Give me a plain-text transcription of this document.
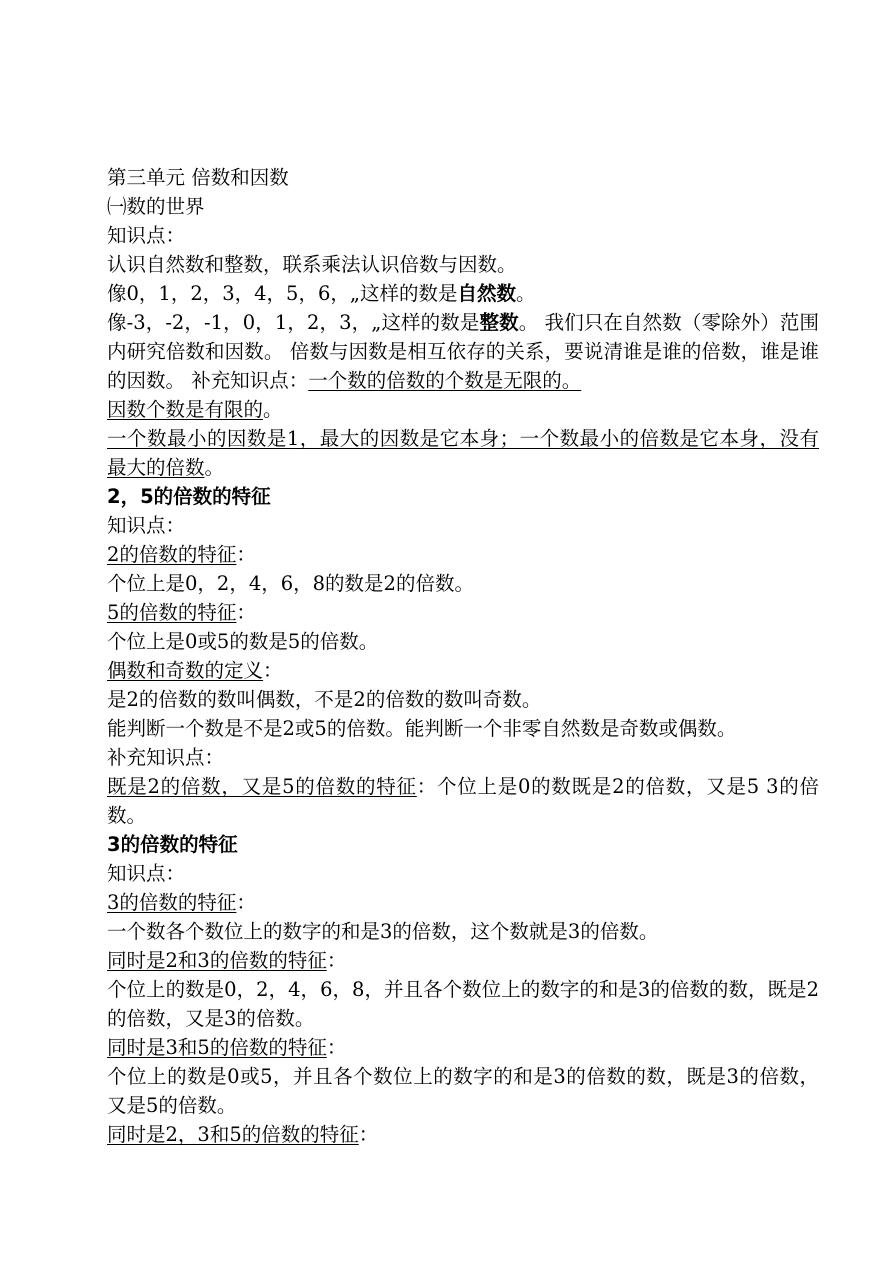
第三单元 倍数和因数
㈠数的世界
知识点：
认识自然数和整数，联系乘法认识倍数与因数。
像0，1，2，3，4，5，6，„这样的数是自然数。
像-3，-2，-1，0，1，2，3，„这样的数是整数。 我们只在自然数（零除外）范围内研究倍数和因数。 倍数与因数是相互依存的关系，要说清谁是谁的倍数，谁是谁的因数。 补充知识点：一个数的倍数的个数是无限的。
因数个数是有限的。
一个数最小的因数是1，最大的因数是它本身；一个数最小的倍数是它本身，没有最大的倍数。
2，5的倍数的特征
知识点：
2的倍数的特征：
个位上是0，2，4，6，8的数是2的倍数。
5的倍数的特征：
个位上是0或5的数是5的倍数。
偶数和奇数的定义：
是2的倍数的数叫偶数，不是2的倍数的数叫奇数。
能判断一个数是不是2或5的倍数。能判断一个非零自然数是奇数或偶数。
补充知识点：
既是2的倍数，又是5的倍数的特征：个位上是0的数既是2的倍数，又是5 3的倍数。
3的倍数的特征
知识点：
3的倍数的特征：
一个数各个数位上的数字的和是3的倍数，这个数就是3的倍数。
同时是2和3的倍数的特征：
个位上的数是0，2，4，6，8，并且各个数位上的数字的和是3的倍数的数，既是2的倍数，又是3的倍数。
同时是3和5的倍数的特征：
个位上的数是0或5，并且各个数位上的数字的和是3的倍数的数，既是3的倍数，又是5的倍数。
同时是2，3和5的倍数的特征：
